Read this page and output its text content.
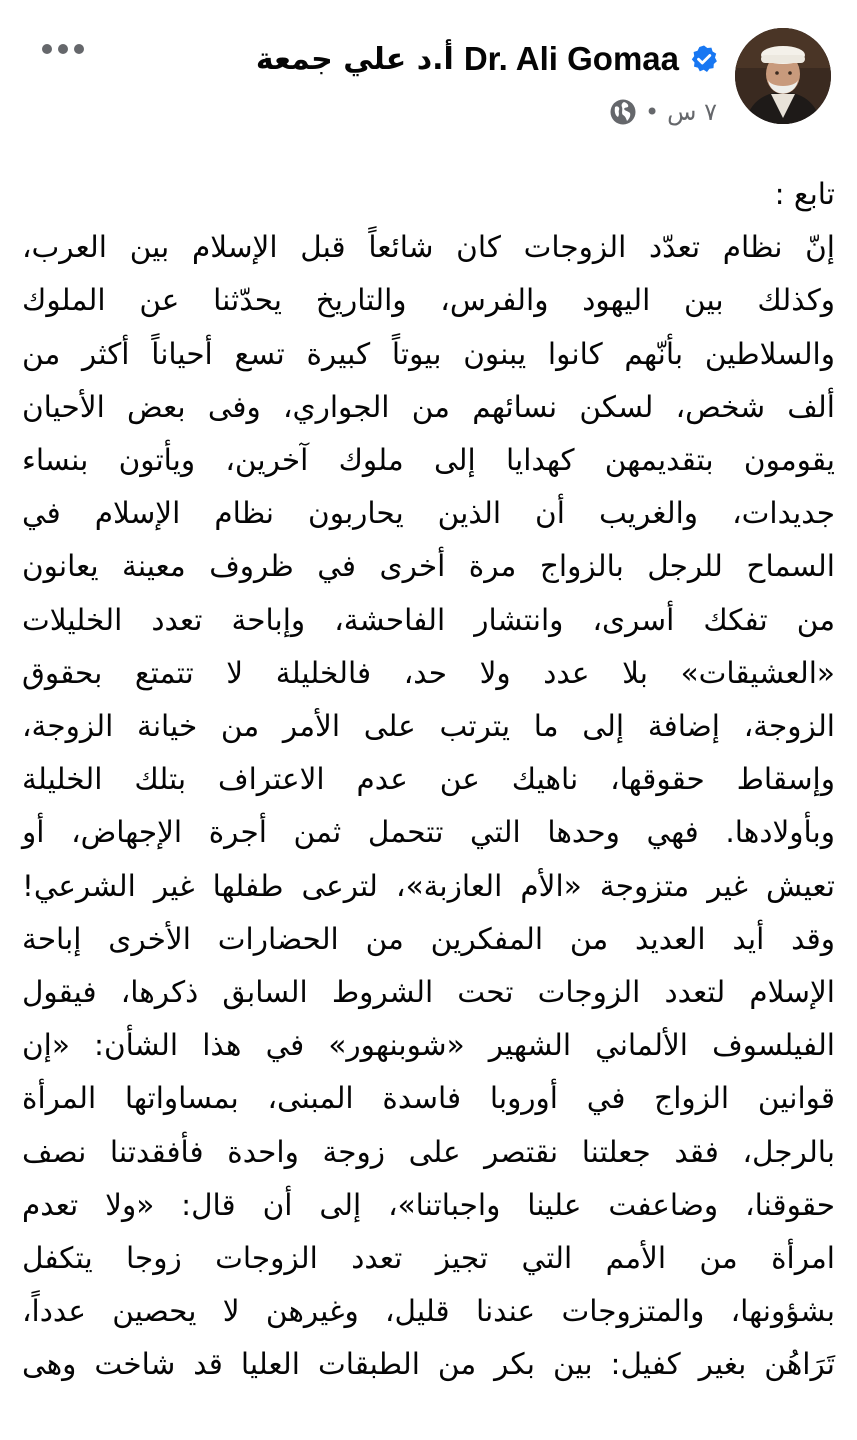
أ.د علي جمعة Dr. Ali Gomaa
• ٧ س
تابع :
إنّ نظام تعدّد الزوجات كان شائعاً قبل الإسلام بين العرب،
وكذلك بين اليهود والفرس، والتاريخ يحدّثنا عن الملوك
والسلاطين بأنّهم كانوا يبنون بيوتاً كبيرة تسع أحياناً أكثر من
ألف شخص، لسكن نسائهم من الجواري، وفى بعض الأحيان
يقومون بتقديمهن كهدايا إلى ملوك آخرين، ويأتون بنساء
جديدات، والغريب أن الذين يحاربون نظام الإسلام في
السماح للرجل بالزواج مرة أخرى في ظروف معينة يعانون
من تفكك أسرى، وانتشار الفاحشة، وإباحة تعدد الخليلات
«العشيقات» بلا عدد ولا حد، فالخليلة لا تتمتع بحقوق
الزوجة، إضافة إلى ما يترتب على الأمر من خيانة الزوجة،
وإسقاط حقوقها، ناهيك عن عدم الاعتراف بتلك الخليلة
وبأولادها. فهي وحدها التي تتحمل ثمن أجرة الإجهاض، أو
تعيش غير متزوجة «الأم العازبة»، لترعى طفلها غير الشرعي!
وقد أيد العديد من المفكرين من الحضارات الأخرى إباحة
الإسلام لتعدد الزوجات تحت الشروط السابق ذكرها، فيقول
الفيلسوف الألماني الشهير «شوبنهور» في هذا الشأن: «إن
قوانين الزواج في أوروبا فاسدة المبنى، بمساواتها المرأة
بالرجل، فقد جعلتنا نقتصر على زوجة واحدة فأفقدتنا نصف
حقوقنا، وضاعفت علينا واجباتنا»، إلى أن قال: «ولا تعدم
امرأة من الأمم التي تجيز تعدد الزوجات زوجا يتكفل
بشؤونها، والمتزوجات عندنا قليل، وغيرهن لا يحصين عدداً،
تَرَاهُن بغير كفيل: بين بكر من الطبقات العليا قد شاخت وهى
